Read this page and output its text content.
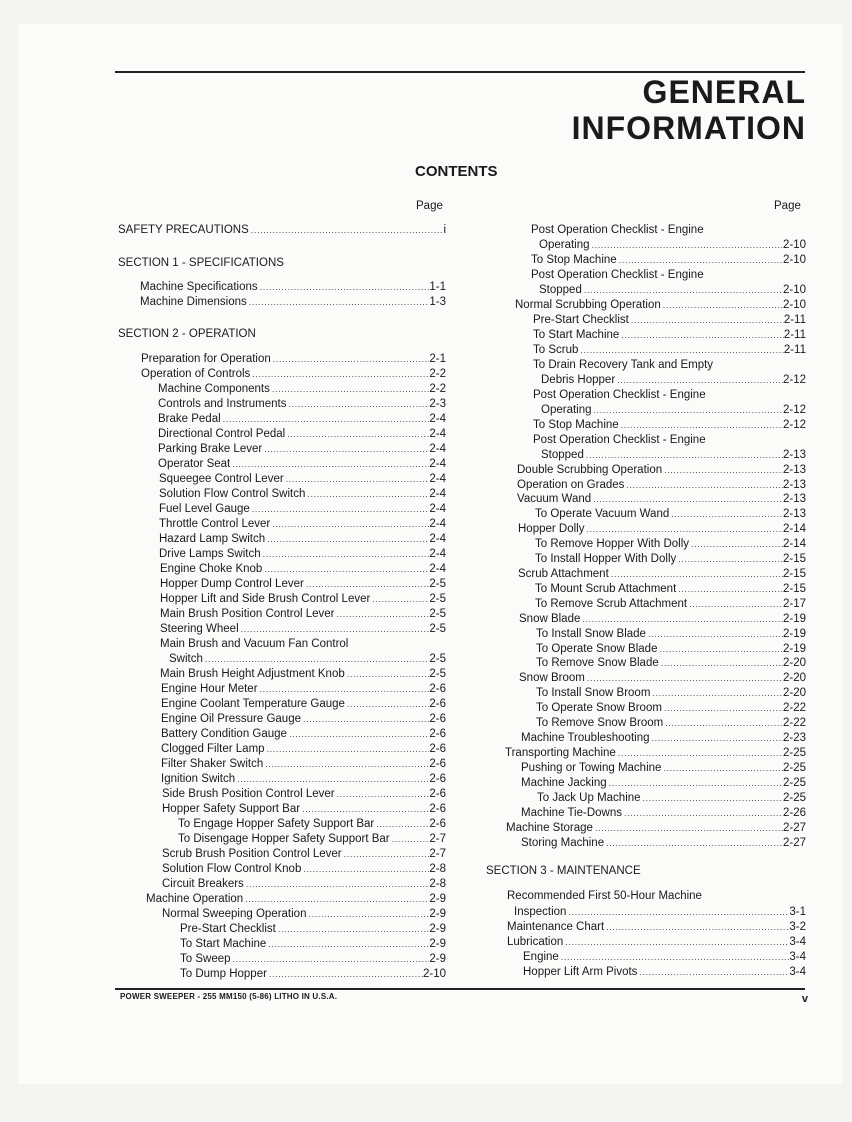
GENERAL
INFORMATION
CONTENTS
Page	Page
SAFETY PRECAUTIONS .....	i
SECTION 1 - SPECIFICATIONS
Machine Specifications .....	1-1
Machine Dimensions .....	1-3
SECTION 2 - OPERATION
Preparation for Operation .....	2-1
Operation of Controls .....	2-2
Machine Components .....	2-2
Controls and Instruments .....	2-3
Brake Pedal .....	2-4
Directional Control Pedal .....	2-4
Parking Brake Lever .....	2-4
Operator Seat .....	2-4
Squeegee Control Lever .....	2-4
Solution Flow Control Switch .....	2-4
Fuel Level Gauge .....	2-4
Throttle Control Lever .....	2-4
Hazard Lamp Switch .....	2-4
Drive Lamps Switch .....	2-4
Engine Choke Knob .....	2-4
Hopper Dump Control Lever .....	2-5
Hopper Lift and Side Brush Control Lever .....	2-5
Main Brush Position Control Lever .....	2-5
Steering Wheel .....	2-5
Main Brush and Vacuum Fan Control
Switch .....	2-5
Main Brush Height Adjustment Knob .....	2-5
Engine Hour Meter .....	2-6
Engine Coolant Temperature Gauge .....	2-6
Engine Oil Pressure Gauge .....	2-6
Battery Condition Gauge .....	2-6
Clogged Filter Lamp .....	2-6
Filter Shaker Switch .....	2-6
Ignition Switch .....	2-6
Side Brush Position Control Lever .....	2-6
Hopper Safety Support Bar .....	2-6
To Engage Hopper Safety Support Bar .....	2-6
To Disengage Hopper Safety Support Bar .....	2-7
Scrub Brush Position Control Lever .....	2-7
Solution Flow Control Knob .....	2-8
Circuit Breakers .....	2-8
Machine Operation .....	2-9
Normal Sweeping Operation .....	2-9
Pre-Start Checklist .....	2-9
To Start Machine .....	2-9
To Sweep .....	2-9
To Dump Hopper .....	2-10
Post Operation Checklist - Engine
Operating .....	2-10
To Stop Machine .....	2-10
Post Operation Checklist - Engine
Stopped .....	2-10
Normal Scrubbing Operation .....	2-10
Pre-Start Checklist .....	2-11
To Start Machine .....	2-11
To Scrub .....	2-11
To Drain Recovery Tank and Empty
Debris Hopper .....	2-12
Post Operation Checklist - Engine
Operating .....	2-12
To Stop Machine .....	2-12
Post Operation Checklist - Engine
Stopped .....	2-13
Double Scrubbing Operation .....	2-13
Operation on Grades .....	2-13
Vacuum Wand .....	2-13
To Operate Vacuum Wand .....	2-13
Hopper Dolly .....	2-14
To Remove Hopper With Dolly .....	2-14
To Install Hopper With Dolly .....	2-15
Scrub Attachment .....	2-15
To Mount Scrub Attachment .....	2-15
To Remove Scrub Attachment .....	2-17
Snow Blade .....	2-19
To Install Snow Blade .....	2-19
To Operate Snow Blade .....	2-19
To Remove Snow Blade .....	2-20
Snow Broom .....	2-20
To Install Snow Broom .....	2-20
To Operate Snow Broom .....	2-22
To Remove Snow Broom .....	2-22
Machine Troubleshooting .....	2-23
Transporting Machine .....	2-25
Pushing or Towing Machine .....	2-25
Machine Jacking .....	2-25
To Jack Up Machine .....	2-25
Machine Tie-Downs .....	2-26
Machine Storage .....	2-27
Storing Machine .....	2-27
SECTION 3 - MAINTENANCE
Recommended First 50-Hour Machine
Inspection .....	3-1
Maintenance Chart .....	3-2
Lubrication .....	3-4
Engine .....	3-4
Hopper Lift Arm Pivots .....	3-4
POWER SWEEPER - 255 MM150 (5-86) LITHO IN U.S.A.	v
